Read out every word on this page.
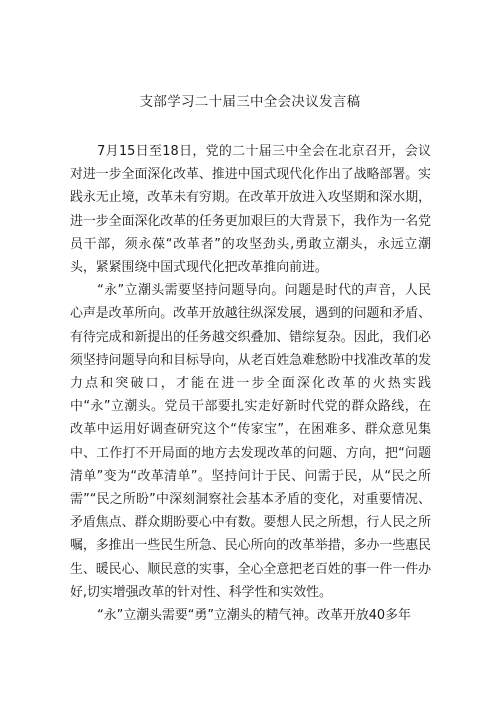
支部学习二十届三中全会决议发言稿

7月15日至18日，党的二十届三中全会在北京召开，会议对进一步全面深化改革、推进中国式现代化作出了战略部署。实践永无止境，改革未有穷期。在改革开放进入攻坚期和深水期，进一步全面深化改革的任务更加艰巨的大背景下，我作为一名党员干部，须永葆“改革者”的攻坚劲头,勇敢立潮头，永远立潮头，紧紧围绕中国式现代化把改革推向前进。

“永”立潮头需要坚持问题导向。问题是时代的声音，人民心声是改革所向。改革开放越往纵深发展，遇到的问题和矛盾、有待完成和新提出的任务越交织叠加、错综复杂。因此，我们必须坚持问题导向和目标导向，从老百姓急难愁盼中找准改革的发力点和突破口，才能在进一步全面深化改革的火热实践中“永”立潮头。党员干部要扎实走好新时代党的群众路线，在改革中运用好调查研究这个“传家宝”，在困难多、群众意见集中、工作打不开局面的地方去发现改革的问题、方向，把“问题清单”变为“改革清单”。坚持问计于民、问需于民，从“民之所需”“民之所盼”中深刻洞察社会基本矛盾的变化，对重要情况、矛盾焦点、群众期盼要心中有数。要想人民之所想，行人民之所嘱，多推出一些民生所急、民心所向的改革举措，多办一些惠民生、暖民心、顺民意的实事，全心全意把老百姓的事一件一件办好,切实增强改革的针对性、科学性和实效性。

“永”立潮头需要“勇”立潮头的精气神。改革开放40多年
